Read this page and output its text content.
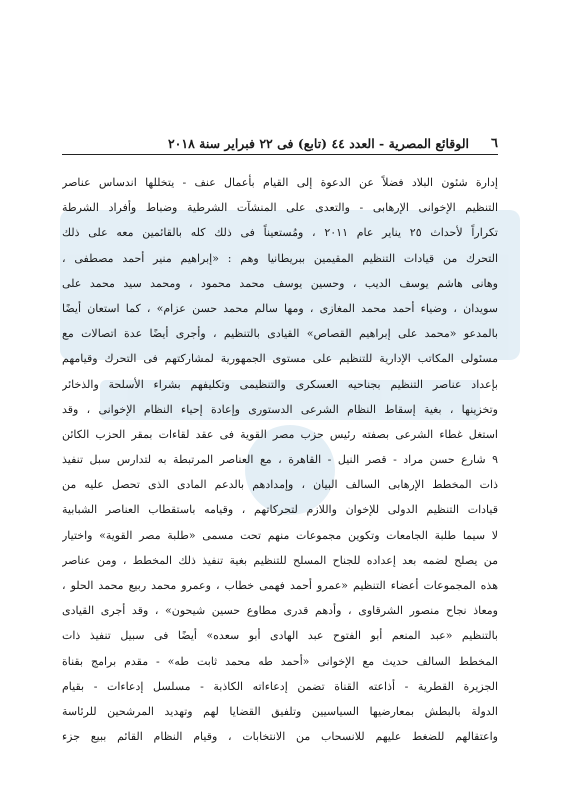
٦
الوقائع المصرية - العدد ٤٤ (تابع) فى ٢٢ فبراير سنة ٢٠١٨
إدارة شئون البلاد فضلاً عن الدعوة إلى القيام بأعمال عنف - يتخللها اندساس عناصر
التنظيم الإخوانى الإرهابى - والتعدى على المنشآت الشرطية وضباط وأفراد الشرطة
تكراراً لأحداث ٢٥ يناير عام ٢٠١١ ، ومُستعيناً فى ذلك كله بالقائمين معه على ذلك
التحرك من قيادات التنظيم المقيمين ببريطانيا وهم : «إبراهيم منير أحمد مصطفى ،
وهانى هاشم يوسف الديب ، وحسين يوسف محمد محمود ، ومحمد سيد محمد على
سويدان ، وضياء أحمد محمد المغازى ، ومها سالم محمد حسن عزام» ، كما استعان أيضًا
بالمدعو «محمد على إبراهيم القصاص» القيادى بالتنظيم ، وأجرى أيضًا عدة اتصالات مع
مسئولى المكاتب الإدارية للتنظيم على مستوى الجمهورية لمشاركتهم فى التحرك وقيامهم
بإعداد عناصر التنظيم بجناحيه العسكرى والتنظيمى وتكليفهم بشراء الأسلحة والذخائر
وتخزينها ، بغية إسقاط النظام الشرعى الدستورى وإعادة إحياء النظام الإخوانى ، وقد
استغل غطاء الشرعى بصفته رئيس حزب مصر القوية فى عقد لقاءات بمقر الحزب الكائن
٩ شارع حسن مراد - قصر النيل - القاهرة ، مع العناصر المرتبطة به لتدارس سبل تنفيذ
ذات المخطط الإرهابى السالف البيان ، وإمدادهم بالدعم المادى الذى تحصل عليه من
قيادات التنظيم الدولى للإخوان واللازم لتحركاتهم ، وقيامه باستقطاب العناصر الشبابية
لا سيما طلبة الجامعات وتكوين مجموعات منهم تحت مسمى «طلبة مصر القوية» واختيار
من يصلح لضمه بعد إعداده للجناح المسلح للتنظيم بغية تنفيذ ذلك المخطط ، ومن عناصر
هذه المجموعات أعضاء التنظيم «عمرو أحمد فهمى خطاب ، وعمرو محمد ربيع محمد الحلو ،
ومعاذ نجاح منصور الشرقاوى ، وأدهم قدرى مطاوع حسين شيحون» ، وقد أجرى القيادى
بالتنظيم «عبد المنعم أبو الفتوح عبد الهادى أبو سعده» أيضًا فى سبيل تنفيذ ذات
المخطط السالف حديث مع الإخوانى «أحمد طه محمد ثابت طه» - مقدم برامج بقناة
الجزيرة القطرية - أذاعته القناة تضمن إدعاءاته الكاذبة - مسلسل إدعاءات - بقيام
الدولة بالبطش بمعارضيها السياسيين وتلفيق القضايا لهم وتهديد المرشحين للرئاسة
واعتقالهم للضغط عليهم للانسحاب من الانتخابات ، وقيام النظام القائم ببيع جزء
